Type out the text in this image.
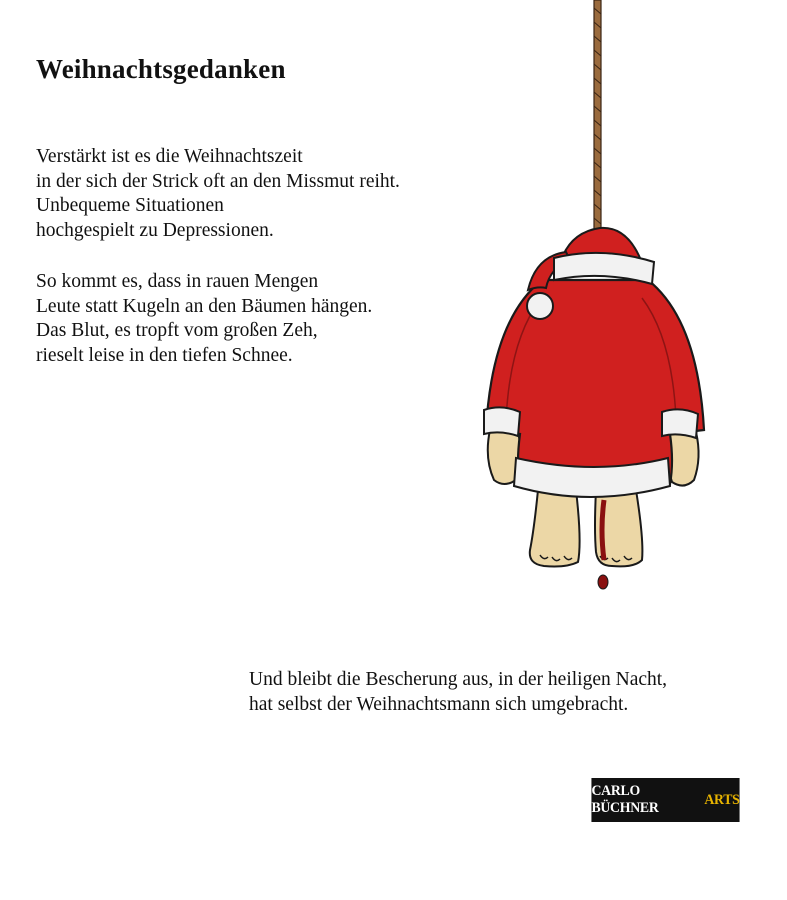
Weihnachtsgedanken
Verstärkt ist es die Weihnachtszeit
in der sich der Strick oft an den Missmut reiht.
Unbequeme Situationen
hochgespielt zu Depressionen.
So kommt es, dass in rauen Mengen
Leute statt Kugeln an den Bäumen hängen.
Das Blut, es tropft vom großen Zeh,
rieselt leise in den tiefen Schnee.
Und bleibt die Bescherung aus, in der heiligen Nacht,
hat selbst der Weihnachtsmann sich umgebracht.
CARLO BÜCHNER
ARTS
